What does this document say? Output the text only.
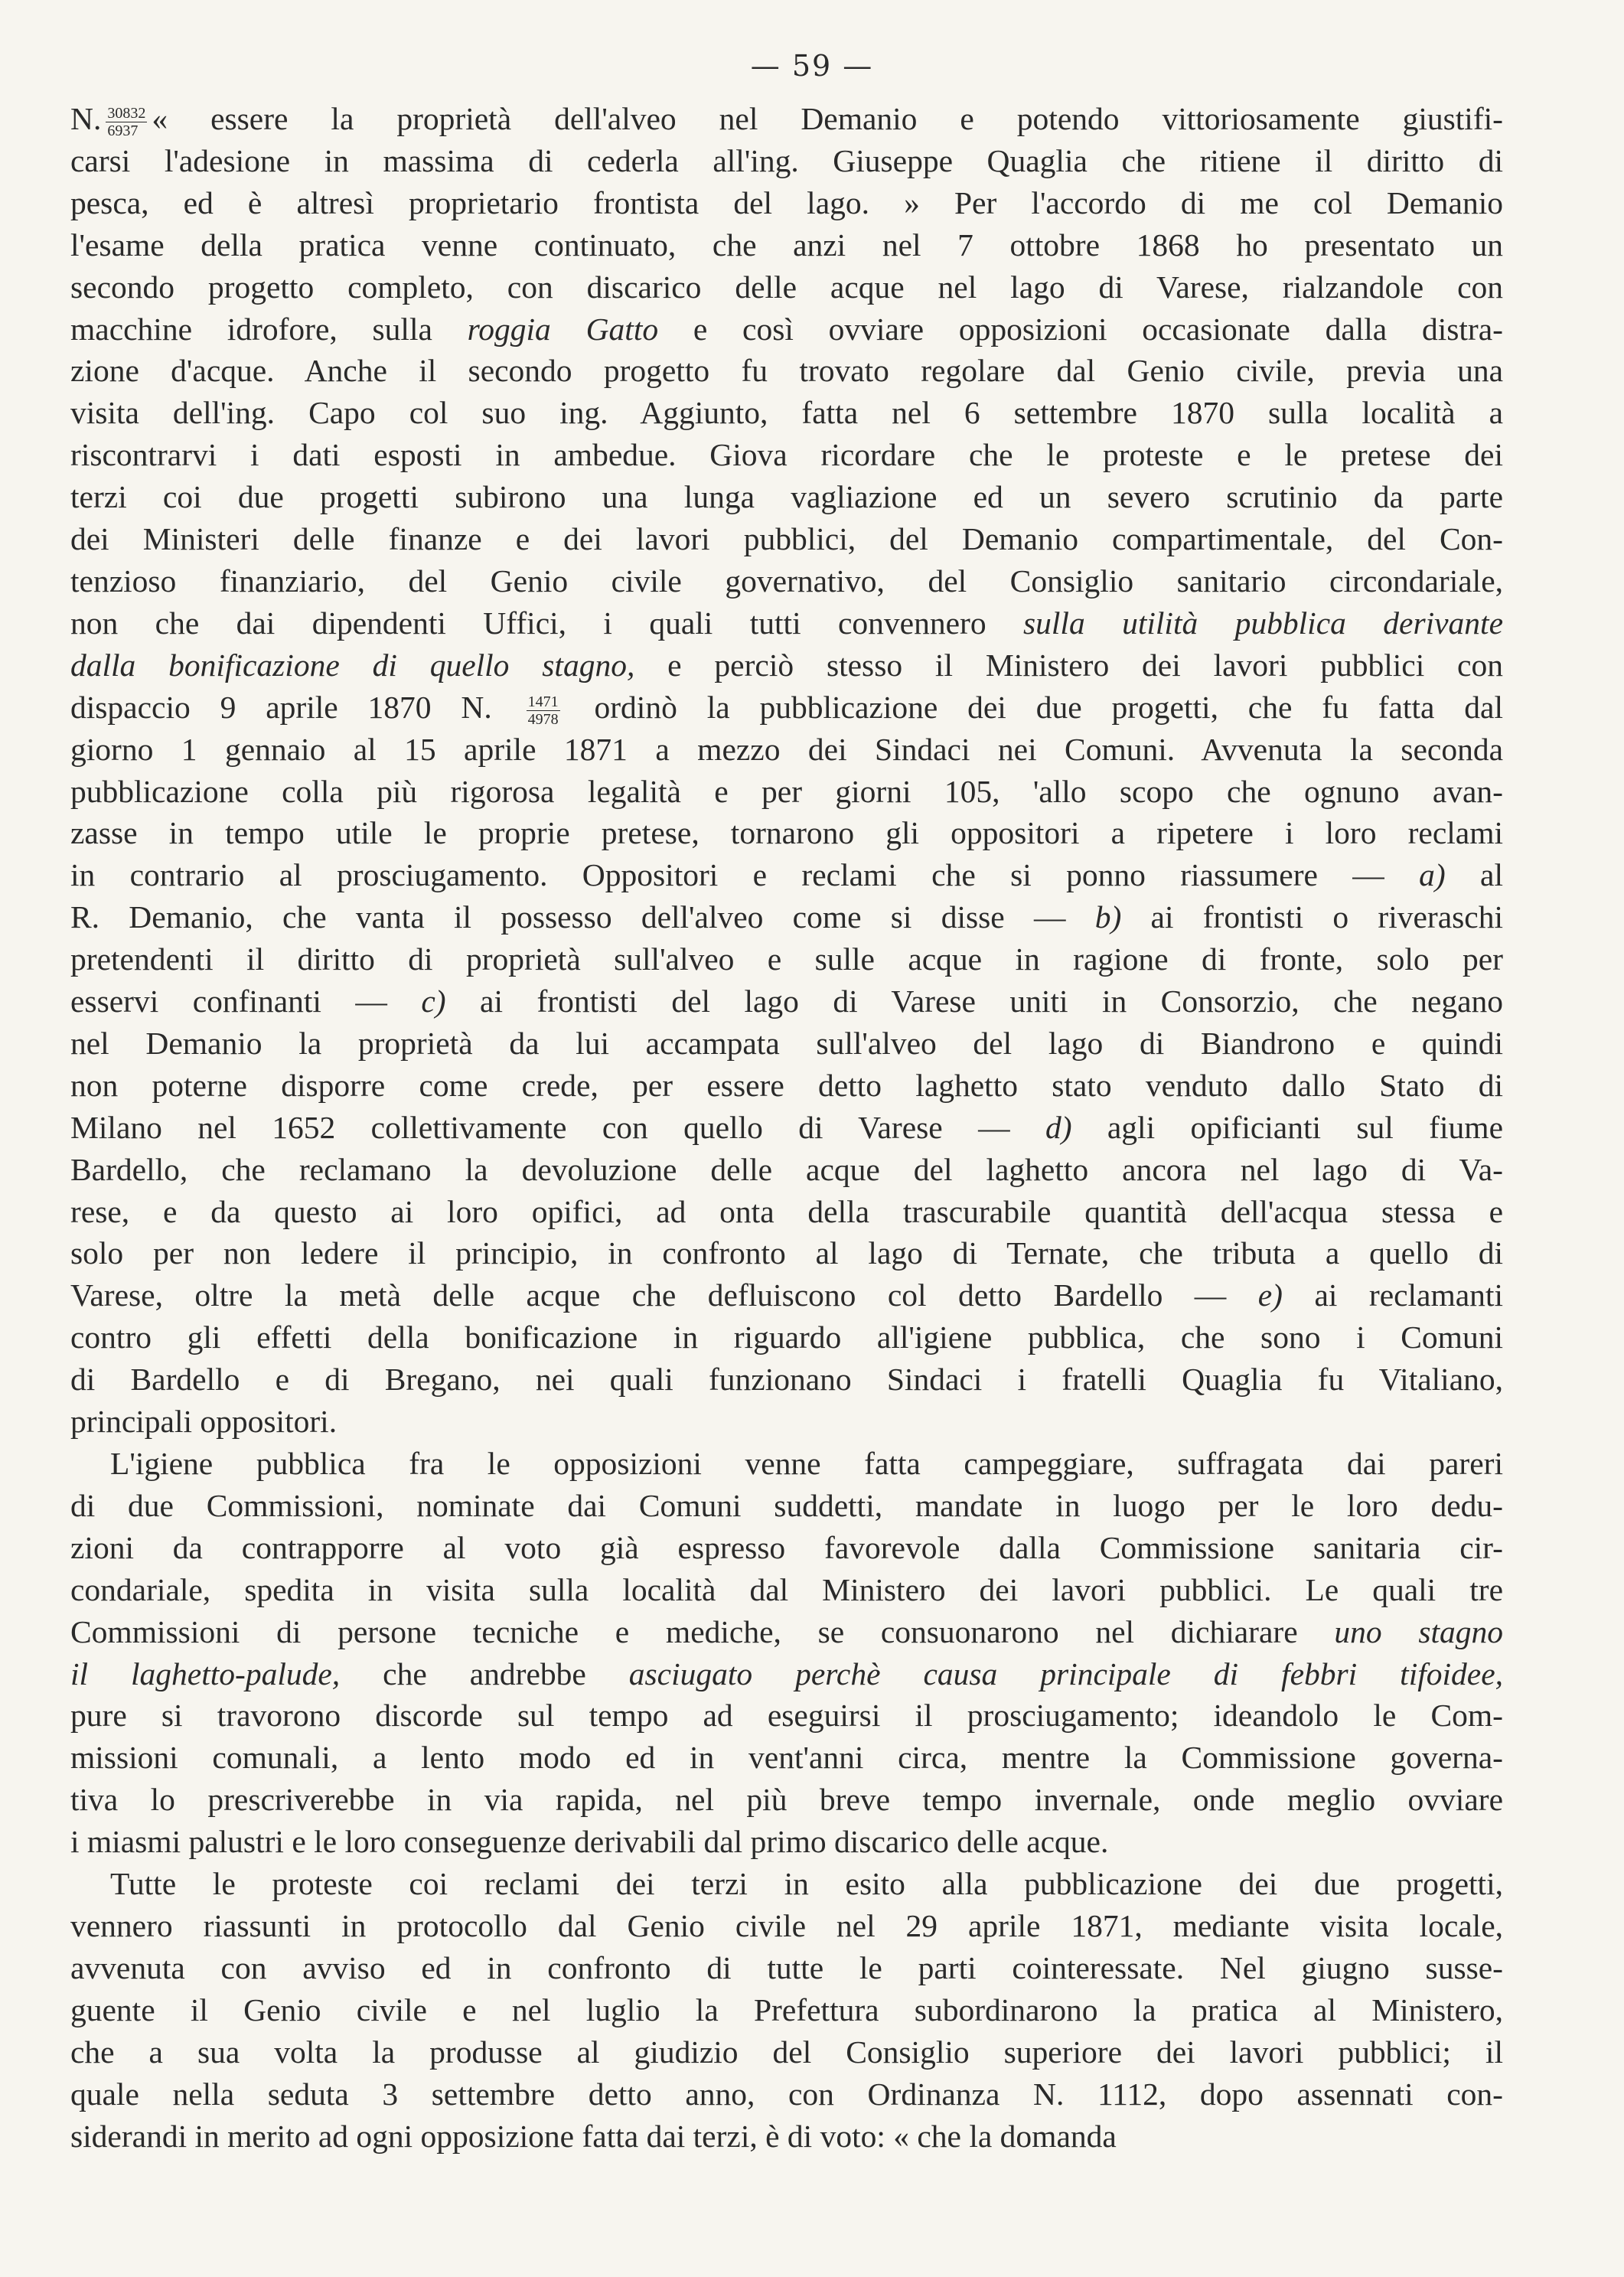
— 59 —
N. $\frac{30832}{6937}$ « essere la proprietà dell'alveo nel Demanio e potendo vittoriosamente giustifi-
carsi l'adesione in massima di cederla all'ing. Giuseppe Quaglia che ritiene il diritto di
pesca, ed è altresì proprietario frontista del lago. » Per l'accordo di me col Demanio
l'esame della pratica venne continuato, che anzi nel 7 ottobre 1868 ho presentato un
secondo progetto completo, con discarico delle acque nel lago di Varese, rialzandole con
macchine idrofore, sulla roggia Gatto e così ovviare opposizioni occasionate dalla distra-
zione d'acque. Anche il secondo progetto fu trovato regolare dal Genio civile, previa una
visita dell'ing. Capo col suo ing. Aggiunto, fatta nel 6 settembre 1870 sulla località a
riscontrarvi i dati esposti in ambedue. Giova ricordare che le proteste e le pretese dei
terzi coi due progetti subirono una lunga vagliazione ed un severo scrutinio da parte
dei Ministeri delle finanze e dei lavori pubblici, del Demanio compartimentale, del Con-
tenzioso finanziario, del Genio civile governativo, del Consiglio sanitario circondariale,
non che dai dipendenti Uffici, i quali tutti convennero sulla utilità pubblica derivante
dalla bonificazione di quello stagno, e perciò stesso il Ministero dei lavori pubblici con
dispaccio 9 aprile 1870 N. $\frac{1471}{4978}$ ordinò la pubblicazione dei due progetti, che fu fatta dal
giorno 1 gennaio al 15 aprile 1871 a mezzo dei Sindaci nei Comuni. Avvenuta la seconda
pubblicazione colla più rigorosa legalità e per giorni 105, 'allo scopo che ognuno avan-
zasse in tempo utile le proprie pretese, tornarono gli oppositori a ripetere i loro reclami
in contrario al prosciugamento. Oppositori e reclami che si ponno riassumere — a) al
R. Demanio, che vanta il possesso dell'alveo come si disse — b) ai frontisti o riveraschi
pretendenti il diritto di proprietà sull'alveo e sulle acque in ragione di fronte, solo per
esservi confinanti — c) ai frontisti del lago di Varese uniti in Consorzio, che negano
nel Demanio la proprietà da lui accampata sull'alveo del lago di Biandrono e quindi
non poterne disporre come crede, per essere detto laghetto stato venduto dallo Stato di
Milano nel 1652 collettivamente con quello di Varese — d) agli opificianti sul fiume
Bardello, che reclamano la devoluzione delle acque del laghetto ancora nel lago di Va-
rese, e da questo ai loro opifici, ad onta della trascurabile quantità dell'acqua stessa e
solo per non ledere il principio, in confronto al lago di Ternate, che tributa a quello di
Varese, oltre la metà delle acque che defluiscono col detto Bardello — e) ai reclamanti
contro gli effetti della bonificazione in riguardo all'igiene pubblica, che sono i Comuni
di Bardello e di Bregano, nei quali funzionano Sindaci i fratelli Quaglia fu Vitaliano,
principali oppositori.
L'igiene pubblica fra le opposizioni venne fatta campeggiare, suffragata dai pareri
di due Commissioni, nominate dai Comuni suddetti, mandate in luogo per le loro dedu-
zioni da contrapporre al voto già espresso favorevole dalla Commissione sanitaria cir-
condariale, spedita in visita sulla località dal Ministero dei lavori pubblici. Le quali tre
Commissioni di persone tecniche e mediche, se consuonarono nel dichiarare uno stagno
il laghetto-palude, che andrebbe asciugato perchè causa principale di febbri tifoidee,
pure si travorono discorde sul tempo ad eseguirsi il prosciugamento; ideandolo le Com-
missioni comunali, a lento modo ed in vent'anni circa, mentre la Commissione governa-
tiva lo prescriverebbe in via rapida, nel più breve tempo invernale, onde meglio ovviare
i miasmi palustri e le loro conseguenze derivabili dal primo discarico delle acque.
Tutte le proteste coi reclami dei terzi in esito alla pubblicazione dei due progetti,
vennero riassunti in protocollo dal Genio civile nel 29 aprile 1871, mediante visita locale,
avvenuta con avviso ed in confronto di tutte le parti cointeressate. Nel giugno susse-
guente il Genio civile e nel luglio la Prefettura subordinarono la pratica al Ministero,
che a sua volta la produsse al giudizio del Consiglio superiore dei lavori pubblici; il
quale nella seduta 3 settembre detto anno, con Ordinanza N. 1112, dopo assennati con-
siderandi in merito ad ogni opposizione fatta dai terzi, è di voto: « che la domanda
